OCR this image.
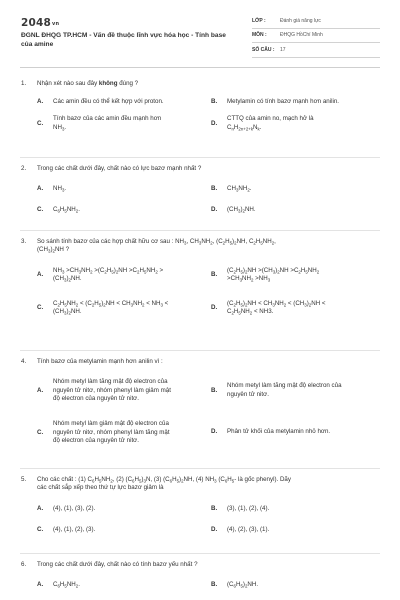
2048vn
ĐGNL ĐHQG TP.HCM - Vấn đề thuộc lĩnh vực hóa học - Tính base của amine
LỚP :	Đánh giá năng lực
MÔN :	ĐHQG HồChí Minh
SỐ CÂU :	17
1.	Nhận xét nào sau đây không đúng ?
A.	Các amin đều có thể kết hợp với proton.	B.	Metylamin có tính bazơ mạnh hơn anilin.
C.
Tính bazơ của các amin đều mạnh hơn
$NH_3$.
D.
CTTQ của amin no, mạch hở là
$C_nH_{2n+2+k}N_k$.
2.	Trong các chất dưới đây, chất nào có lực bazơ mạnh nhất ?
A.	$NH_3$.	B.	$CH_3NH_2$.
C.	$C_6H_5NH_2$.	D.	$(CH_3)_2NH$.
3.	So sánh tính bazơ của các hợp chất hữu cơ sau : $NH_3$, $CH_3NH_2$, $(C_2H_5)_2NH$, $C_2H_5NH_2$,
$(CH_3)_2NH$ ?
A.
$NH_3 >CH_3NH_2 >(C_2H_5)_2NH >C_2H_5NH_2$ >
$(CH_3)_2NH$.
B.
$(C_2H_5)_2NH >(CH_3)_2NH >C_2H_5NH_2$
$>CH_3NH_2 >NH_3$
C.
$C_2H_5NH_2 < (C_2H_5)_2NH < CH_3NH_2 < NH_3$ <
$(CH_3)_2NH$.
D.
$(C_2H_5)_2NH < CH_3NH_2 < (CH_3)_2NH$ <
$C_2H_5NH_2 < NH3$.
4.	Tính bazơ của metylamin mạnh hơn anilin vì :
A.
Nhóm metyl làm tăng mật độ electron của
nguyên tử nitơ, nhóm phenyl làm giảm mật
độ electron của nguyên tử nitơ.
B.
Nhóm metyl làm tăng mật độ electron của
nguyên tử nitơ.
C.
Nhóm metyl làm giảm mật độ electron của
nguyên tử nitơ, nhóm phenyl làm tăng mật
độ electron của nguyên tử nitơ.
D.	Phân tử khối của metylamin nhỏ hơn.
5.	Cho các chất : (1) $C_6H_5NH_2$, (2) $(C_6H_5)_3N$, (3) $(C_6H_5)_2NH$, (4) $NH_3$ ($C_6H_5-$ là gốc phenyl). Dãy
các chất sắp xếp theo thứ tự lực bazơ giảm là
A.	(4), (1), (3), (2).	B.	(3), (1), (2), (4).
C.	(4), (1), (2), (3).	D.	(4), (2), (3), (1).
6.	Trong các chất dưới đây, chất nào có tính bazơ yếu nhất ?
A.	$C_6H_5NH_2$.	B.	$(C_6H_5)_2NH$.
